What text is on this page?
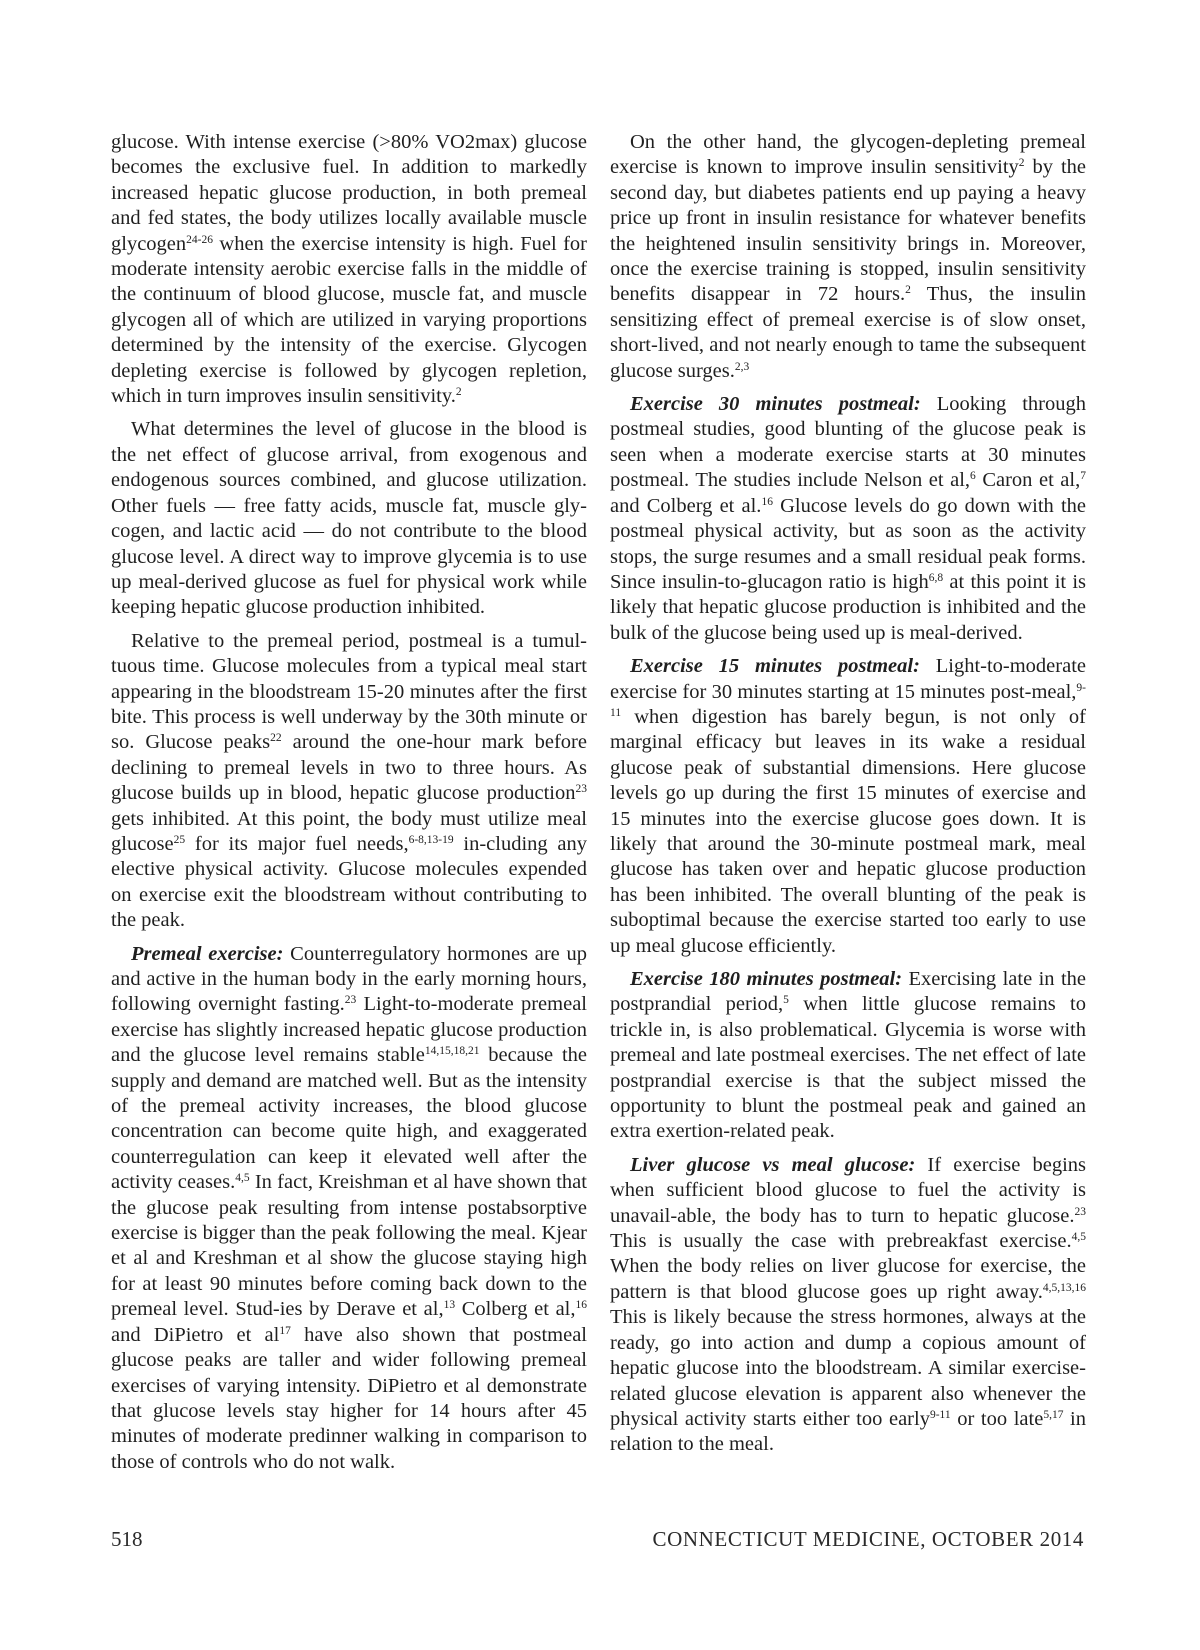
glucose. With intense exercise (>80% VO2max) glucose becomes the exclusive fuel. In addition to markedly increased hepatic glucose production, in both premeal and fed states, the body utilizes locally available muscle glycogen$^{24-26}$ when the exercise intensity is high. Fuel for moderate intensity aerobic exercise falls in the middle of the continuum of blood glucose, muscle fat, and muscle glycogen all of which are utilized in varying proportions determined by the intensity of the exercise. Glycogen depleting exercise is followed by glycogen repletion, which in turn improves insulin sensitivity.$^2$

What determines the level of glucose in the blood is the net effect of glucose arrival, from exogenous and endogenous sources combined, and glucose utilization. Other fuels — free fatty acids, muscle fat, muscle gly-cogen, and lactic acid — do not contribute to the blood glucose level. A direct way to improve glycemia is to use up meal-derived glucose as fuel for physical work while keeping hepatic glucose production inhibited.

Relative to the premeal period, postmeal is a tumul-tuous time. Glucose molecules from a typical meal start appearing in the bloodstream 15-20 minutes after the first bite. This process is well underway by the 30th minute or so. Glucose peaks$^{22}$ around the one-hour mark before declining to premeal levels in two to three hours. As glucose builds up in blood, hepatic glucose production$^{23}$ gets inhibited. At this point, the body must utilize meal glucose$^{25}$ for its major fuel needs,$^{6-8,13-19}$ in-cluding any elective physical activity. Glucose molecules expended on exercise exit the bloodstream without contributing to the peak.

Premeal exercise: Counterregulatory hormones are up and active in the human body in the early morning hours, following overnight fasting.$^{23}$ Light-to-moderate premeal exercise has slightly increased hepatic glucose production and the glucose level remains stable$^{14,15,18,21}$ because the supply and demand are matched well. But as the intensity of the premeal activity increases, the blood glucose concentration can become quite high, and exaggerated counterregulation can keep it elevated well after the activity ceases.$^{4,5}$ In fact, Kreishman et al have shown that the glucose peak resulting from intense postabsorptive exercise is bigger than the peak following the meal. Kjear et al and Kreshman et al show the glucose staying high for at least 90 minutes before coming back down to the premeal level. Stud-ies by Derave et al,$^{13}$ Colberg et al,$^{16}$ and DiPietro et $al^{17}$ have also shown that postmeal glucose peaks are taller and wider following premeal exercises of varying intensity. DiPietro et al demonstrate that glucose levels stay higher for 14 hours after 45 minutes of moderate predinner walking in comparison to those of controls who do not walk.

On the other hand, the glycogen-depleting premeal exercise is known to improve insulin sensitivity$^2$ by the second day, but diabetes patients end up paying a heavy price up front in insulin resistance for whatever benefits the heightened insulin sensitivity brings in. Moreover, once the exercise training is stopped, insulin sensitivity benefits disappear in 72 hours.$^2$ Thus, the insulin sensitizing effect of premeal exercise is of slow onset, short-lived, and not nearly enough to tame the subsequent glucose surges.$^{2,3}$

Exercise 30 minutes postmeal: Looking through postmeal studies, good blunting of the glucose peak is seen when a moderate exercise starts at 30 minutes postmeal. The studies include Nelson et al,$^6$ Caron et al,$^7$ and Colberg et al.$^{16}$ Glucose levels do go down with the postmeal physical activity, but as soon as the activity stops, the surge resumes and a small residual peak forms. Since insulin-to-glucagon ratio is high$^{6,8}$ at this point it is likely that hepatic glucose production is inhibited and the bulk of the glucose being used up is meal-derived.

Exercise 15 minutes postmeal: Light-to-moderate exercise for 30 minutes starting at 15 minutes post-meal,$^{9-11}$ when digestion has barely begun, is not only of marginal efficacy but leaves in its wake a residual glucose peak of substantial dimensions. Here glucose levels go up during the first 15 minutes of exercise and 15 minutes into the exercise glucose goes down. It is likely that around the 30-minute postmeal mark, meal glucose has taken over and hepatic glucose production has been inhibited. The overall blunting of the peak is suboptimal because the exercise started too early to use up meal glucose efficiently.

Exercise 180 minutes postmeal: Exercising late in the postprandial period,$^5$ when little glucose remains to trickle in, is also problematical. Glycemia is worse with premeal and late postmeal exercises. The net effect of late postprandial exercise is that the subject missed the opportunity to blunt the postmeal peak and gained an extra exertion-related peak.

Liver glucose vs meal glucose: If exercise begins when sufficient blood glucose to fuel the activity is unavail-able, the body has to turn to hepatic glucose.$^{23}$ This is usually the case with prebreakfast exercise.$^{4,5}$ When the body relies on liver glucose for exercise, the pattern is that blood glucose goes up right away.$^{4,5,13,16}$ This is likely because the stress hormones, always at the ready, go into action and dump a copious amount of hepatic glucose into the bloodstream. A similar exercise-related glucose elevation is apparent also whenever the physical activity starts either too early$^{9-11}$ or too late$^{5,17}$ in relation to the meal.

518	CONNECTICUT MEDICINE, OCTOBER 2014
